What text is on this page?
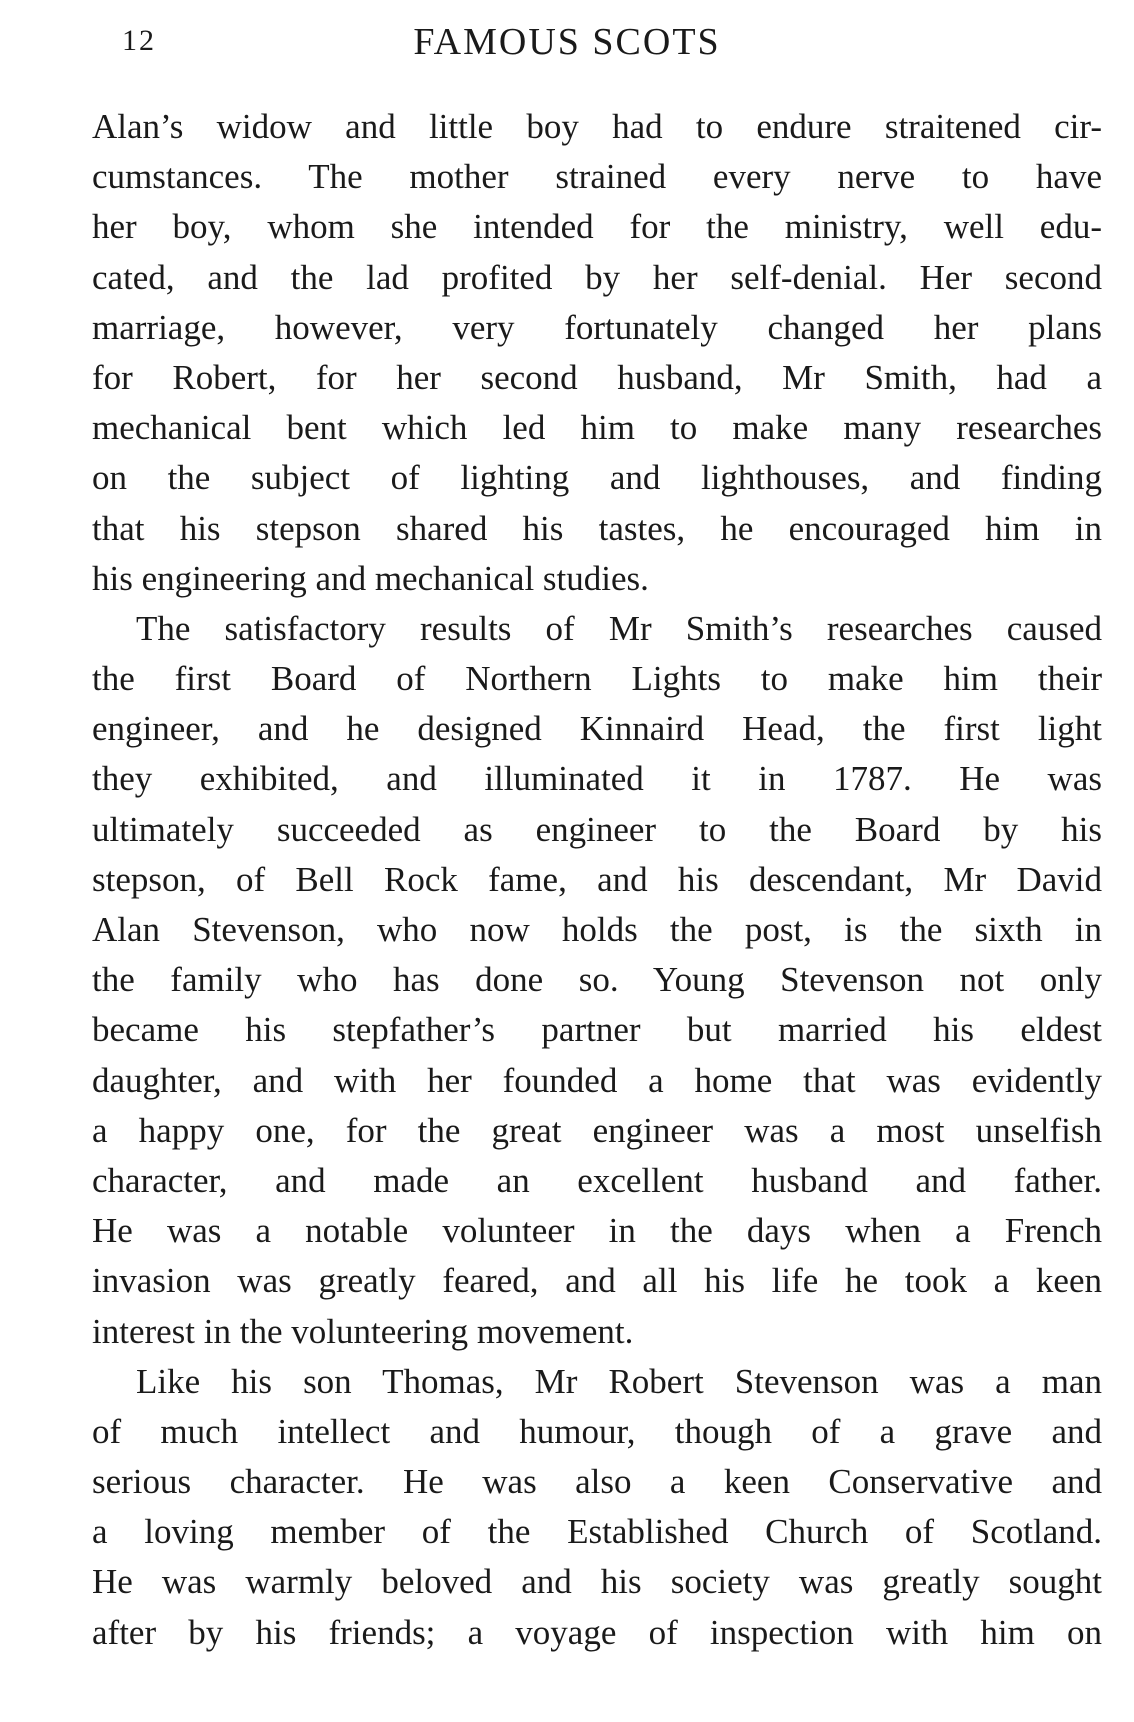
12	FAMOUS SCOTS
Alan’s widow and little boy had to endure straitened cir-
cumstances. The mother strained every nerve to have
her boy, whom she intended for the ministry, well edu-
cated, and the lad profited by her self-denial. Her second
marriage, however, very fortunately changed her plans
for Robert, for her second husband, Mr Smith, had a
mechanical bent which led him to make many researches
on the subject of lighting and lighthouses, and finding
that his stepson shared his tastes, he encouraged him in
his engineering and mechanical studies.
The satisfactory results of Mr Smith’s researches caused
the first Board of Northern Lights to make him their
engineer, and he designed Kinnaird Head, the first light
they exhibited, and illuminated it in 1787. He was
ultimately succeeded as engineer to the Board by his
stepson, of Bell Rock fame, and his descendant, Mr David
Alan Stevenson, who now holds the post, is the sixth in
the family who has done so. Young Stevenson not only
became his stepfather’s partner but married his eldest
daughter, and with her founded a home that was evidently
a happy one, for the great engineer was a most unselfish
character, and made an excellent husband and father.
He was a notable volunteer in the days when a French
invasion was greatly feared, and all his life he took a keen
interest in the volunteering movement.
Like his son Thomas, Mr Robert Stevenson was a man
of much intellect and humour, though of a grave and
serious character. He was also a keen Conservative and
a loving member of the Established Church of Scotland.
He was warmly beloved and his society was greatly sought
after by his friends; a voyage of inspection with him on
